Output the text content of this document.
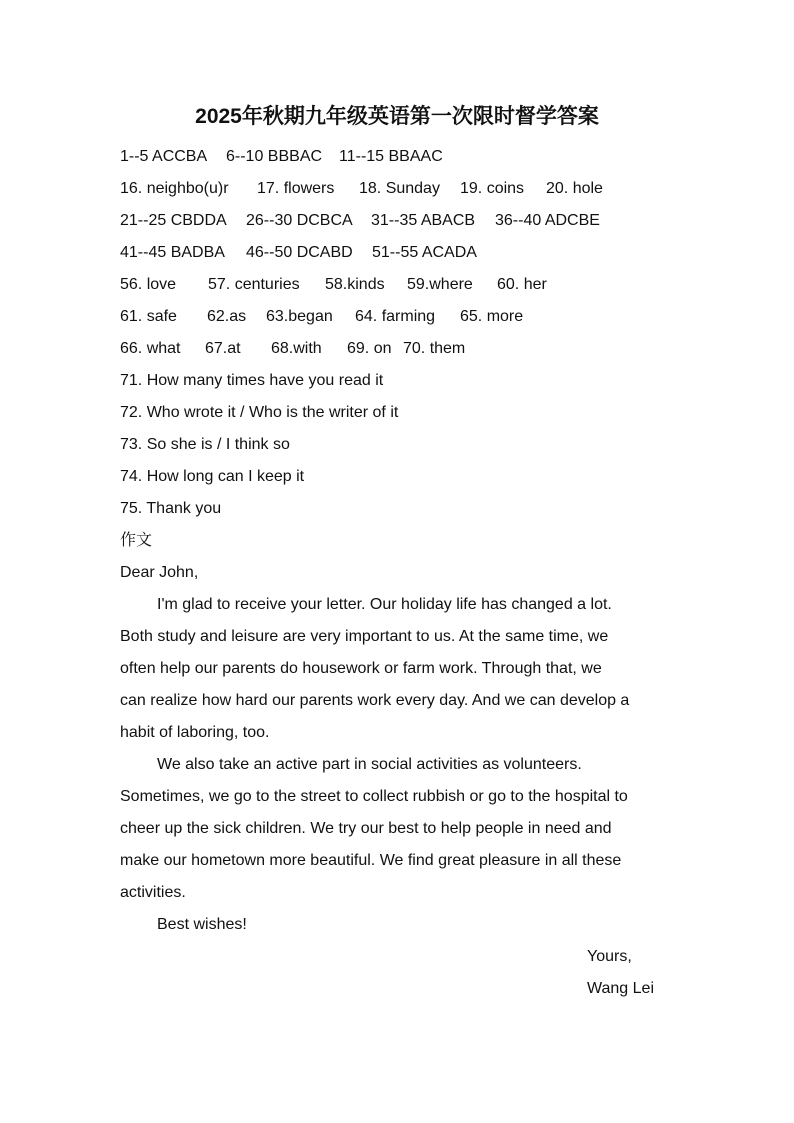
2025年秋期九年级英语第一次限时督学答案
1--5 ACCBA 6--10 BBBAC 11--15 BBAAC
16. neighbo(u)r 17. flowers 18. Sunday 19. coins 20. hole
21--25 CBDDA 26--30 DCBCA 31--35 ABACB 36--40 ADCBE
41--45 BADBA 46--50 DCABD 51--55 ACADA
56. love 57. centuries 58.kinds 59.where 60. her
61. safe 62.as 63.began 64. farming 65. more
66. what 67.at 68.with 69. on 70. them
71. How many times have you read it
72. Who wrote it / Who is the writer of it
73. So she is / I think so
74. How long can I keep it
75. Thank you
作文
Dear John,
I'm glad to receive your letter. Our holiday life has changed a lot.
Both study and leisure are very important to us. At the same time, we
often help our parents do housework or farm work. Through that, we
can realize how hard our parents work every day. And we can develop a
habit of laboring, too.
We also take an active part in social activities as volunteers.
Sometimes, we go to the street to collect rubbish or go to the hospital to
cheer up the sick children. We try our best to help people in need and
make our hometown more beautiful. We find great pleasure in all these
activities.
Best wishes!
Yours,
Wang Lei
